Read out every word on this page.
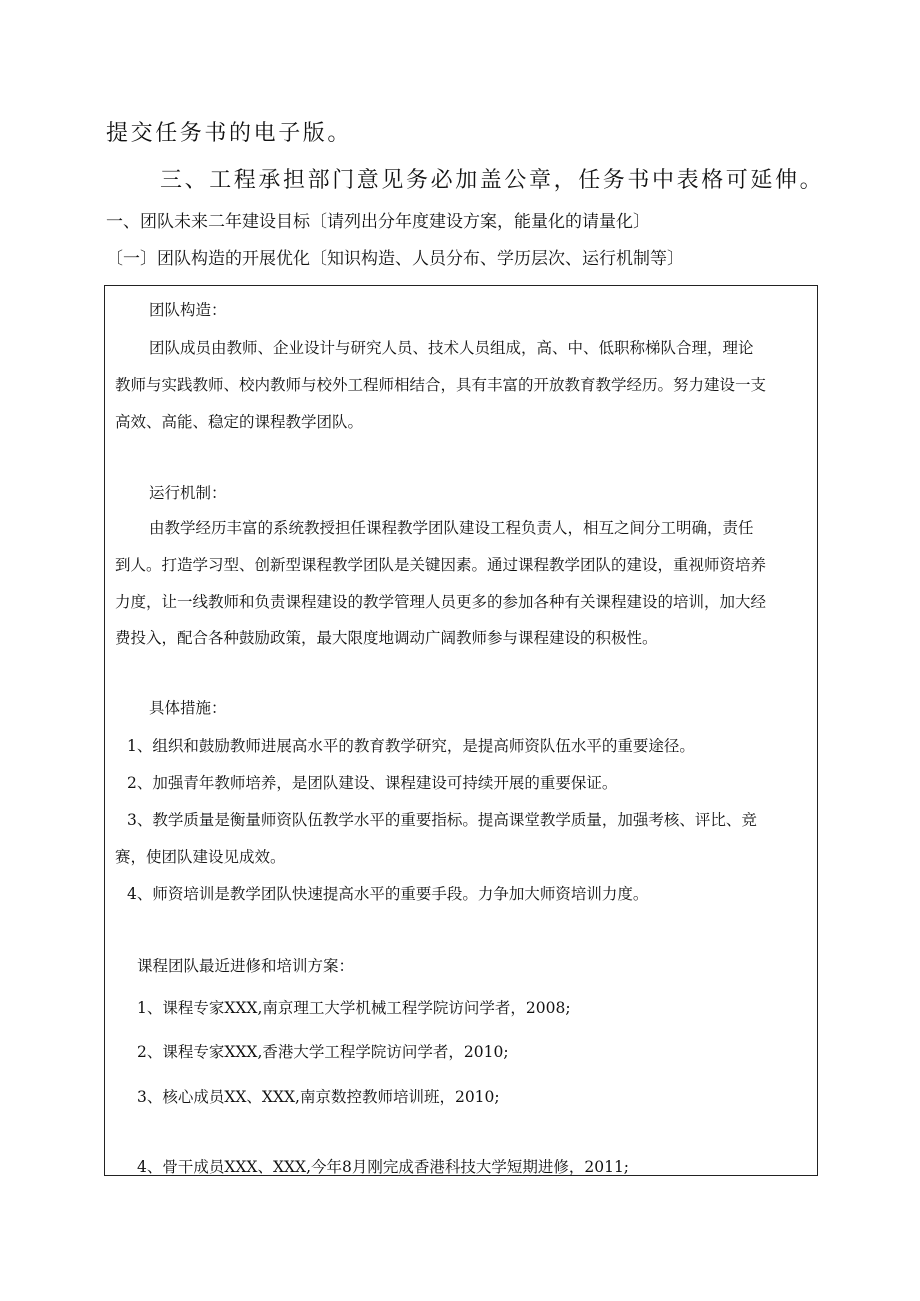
提交任务书的电子版。
三、工程承担部门意见务必加盖公章，任务书中表格可延伸。
一、团队未来二年建设目标〔请列出分年度建设方案，能量化的请量化〕
〔一〕团队构造的开展优化〔知识构造、人员分布、学历层次、运行机制等〕
团队构造：
团队成员由教师、企业设计与研究人员、技术人员组成，高、中、低职称梯队合理，理论
教师与实践教师、校内教师与校外工程师相结合，具有丰富的开放教育教学经历。努力建设一支
高效、高能、稳定的课程教学团队。
运行机制：
由教学经历丰富的系统教授担任课程教学团队建设工程负责人，相互之间分工明确，责任
到人。打造学习型、创新型课程教学团队是关键因素。通过课程教学团队的建设，重视师资培养
力度，让一线教师和负责课程建设的教学管理人员更多的参加各种有关课程建设的培训，加大经
费投入，配合各种鼓励政策，最大限度地调动广阔教师参与课程建设的积极性。
具体措施：
1、组织和鼓励教师进展高水平的教育教学研究，是提高师资队伍水平的重要途径。
2、加强青年教师培养，是团队建设、课程建设可持续开展的重要保证。
3、教学质量是衡量师资队伍教学水平的重要指标。提高课堂教学质量，加强考核、评比、竞
赛，使团队建设见成效。
4、师资培训是教学团队快速提高水平的重要手段。力争加大师资培训力度。
课程团队最近进修和培训方案：
1、课程专家XXX,南京理工大学机械工程学院访问学者，2008;
2、课程专家XXX,香港大学工程学院访问学者，2010;
3、核心成员XX、XXX,南京数控教师培训班，2010;
4、骨干成员XXX、XXX,今年8月刚完成香港科技大学短期进修，2011;
